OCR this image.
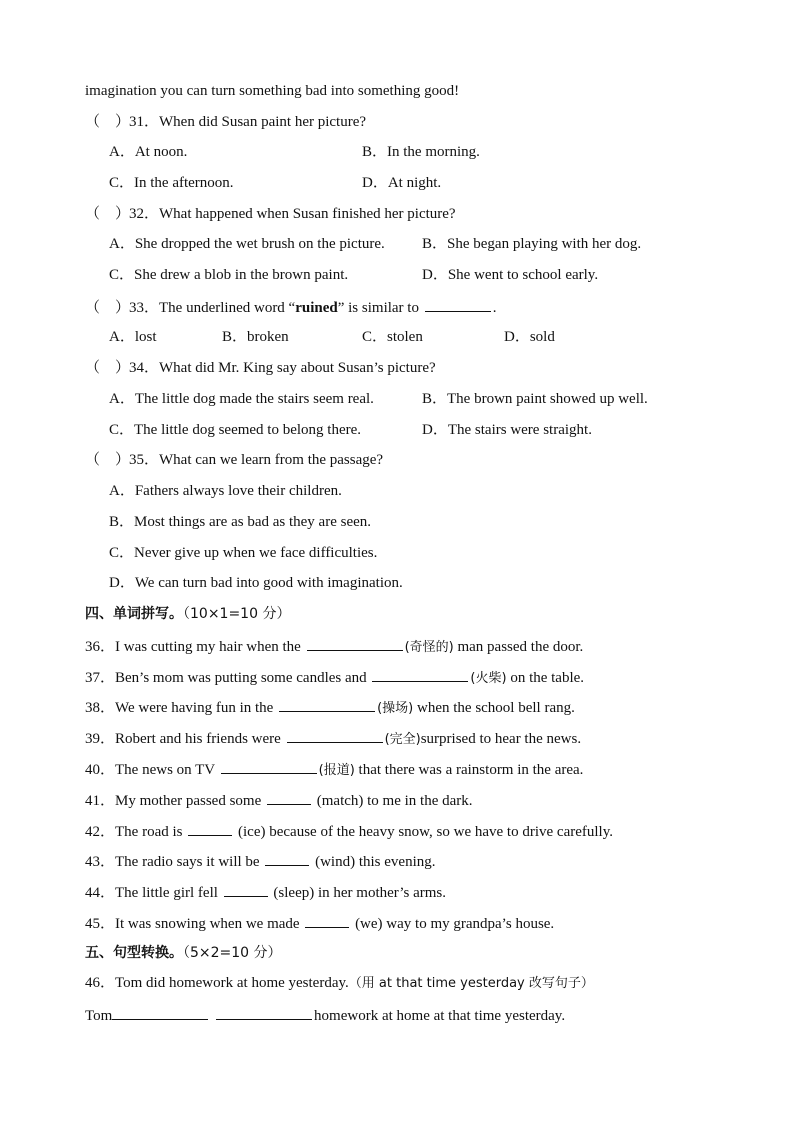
imagination you can turn something bad into something good!
（　）31．When did Susan paint her picture?
A．At noon.	B．In the morning.
C．In the afternoon.	D．At night.
（　）32．What happened when Susan finished her picture?
A．She dropped the wet brush on the picture. B．She began playing with her dog.
C．She drew a blob in the brown paint.	D．She went to school early.
（　）33．The underlined word “ruined” is similar to	.
A．lost	B．broken	C．stolen	D．sold
（　）34．What did Mr. King say about Susan’s picture?
A．The little dog made the stairs seem real.	B．The brown paint showed up well.
C．The little dog seemed to belong there.	D．The stairs were straight.
（　）35．What can we learn from the passage?
A．Fathers always love their children.
B．Most things are as bad as they are seen.
C．Never give up when we face difficulties.
D．We can turn bad into good with imagination.
四、单词拼写。（10×1=10 分）
36．I was cutting my hair when the	(奇怪的) man passed the door.
37．Ben’s mom was putting some candles and	(火柴) on the table.
38．We were having fun in the	(操场) when the school bell rang.
39．Robert and his friends were	(完全)surprised to hear the news.
40．The news on TV	(报道) that there was a rainstorm in the area.
41．My mother passed some	(match) to me in the dark.
42．The road is	(ice) because of the heavy snow, so we have to drive carefully.
43．The radio says it will be	(wind) this evening.
44．The little girl fell	(sleep) in her mother’s arms.
45．It was snowing when we made	(we) way to my grandpa’s house.
五、句型转换。（5×2=10 分）
46．Tom did homework at home yesterday.（用 at that time yesterday 改写句子）
Tom	homework at home at that time yesterday.
